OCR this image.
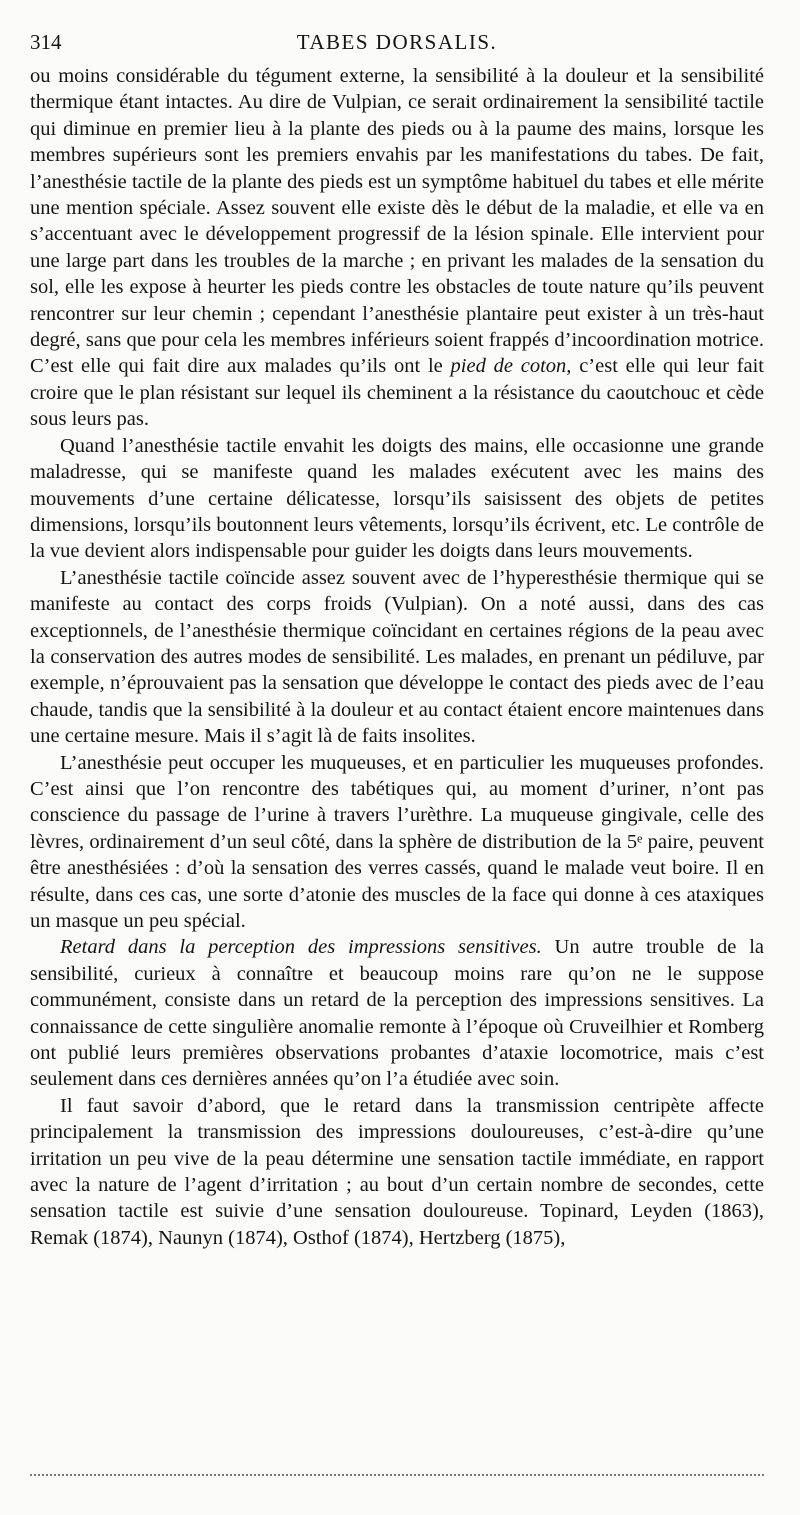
314	TABES DORSALIS.

ou moins considérable du tégument externe, la sensibilité à la douleur et la sensibilité thermique étant intactes. Au dire de Vulpian, ce serait ordinairement la sensibilité tactile qui diminue en premier lieu à la plante des pieds ou à la paume des mains, lorsque les membres supérieurs sont les premiers envahis par les manifestations du tabes. De fait, l’anesthésie tactile de la plante des pieds est un symptôme habituel du tabes et elle mérite une mention spéciale. Assez souvent elle existe dès le début de la maladie, et elle va en s’accentuant avec le développement progressif de la lésion spinale. Elle intervient pour une large part dans les troubles de la marche ; en privant les malades de la sensation du sol, elle les expose à heurter les pieds contre les obstacles de toute nature qu’ils peuvent rencontrer sur leur chemin ; cependant l’anesthésie plantaire peut exister à un très-haut degré, sans que pour cela les membres inférieurs soient frappés d’incoordination motrice. C’est elle qui fait dire aux malades qu’ils ont le pied de coton, c’est elle qui leur fait croire que le plan résistant sur lequel ils cheminent a la résistance du caoutchouc et cède sous leurs pas.

Quand l’anesthésie tactile envahit les doigts des mains, elle occasionne une grande maladresse, qui se manifeste quand les malades exécutent avec les mains des mouvements d’une certaine délicatesse, lorsqu’ils saisissent des objets de petites dimensions, lorsqu’ils boutonnent leurs vêtements, lorsqu’ils écrivent, etc. Le contrôle de la vue devient alors indispensable pour guider les doigts dans leurs mouvements.

L’anesthésie tactile coïncide assez souvent avec de l’hyperesthésie thermique qui se manifeste au contact des corps froids (Vulpian). On a noté aussi, dans des cas exceptionnels, de l’anesthésie thermique coïncidant en certaines régions de la peau avec la conservation des autres modes de sensibilité. Les malades, en prenant un pédiluve, par exemple, n’éprouvaient pas la sensation que développe le contact des pieds avec de l’eau chaude, tandis que la sensibilité à la douleur et au contact étaient encore maintenues dans une certaine mesure. Mais il s’agit là de faits insolites.

L’anesthésie peut occuper les muqueuses, et en particulier les muqueuses profondes. C’est ainsi que l’on rencontre des tabétiques qui, au moment d’uriner, n’ont pas conscience du passage de l’urine à travers l’urèthre. La muqueuse gingivale, celle des lèvres, ordinairement d’un seul côté, dans la sphère de distribution de la 5ᵉ paire, peuvent être anesthésiées : d’où la sensation des verres cassés, quand le malade veut boire. Il en résulte, dans ces cas, une sorte d’atonie des muscles de la face qui donne à ces ataxiques un masque un peu spécial.

Retard dans la perception des impressions sensitives. Un autre trouble de la sensibilité, curieux à connaître et beaucoup moins rare qu’on ne le suppose communément, consiste dans un retard de la perception des impressions sensitives. La connaissance de cette singulière anomalie remonte à l’époque où Cruveilhier et Romberg ont publié leurs premières observations probantes d’ataxie locomotrice, mais c’est seulement dans ces dernières années qu’on l’a étudiée avec soin.

Il faut savoir d’abord, que le retard dans la transmission centripète affecte principalement la transmission des impressions douloureuses, c’est-à-dire qu’une irritation un peu vive de la peau détermine une sensation tactile immédiate, en rapport avec la nature de l’agent d’irritation ; au bout d’un certain nombre de secondes, cette sensation tactile est suivie d’une sensation douloureuse. Topinard, Leyden (1863), Remak (1874), Naunyn (1874), Osthof (1874), Hertzberg (1875),
